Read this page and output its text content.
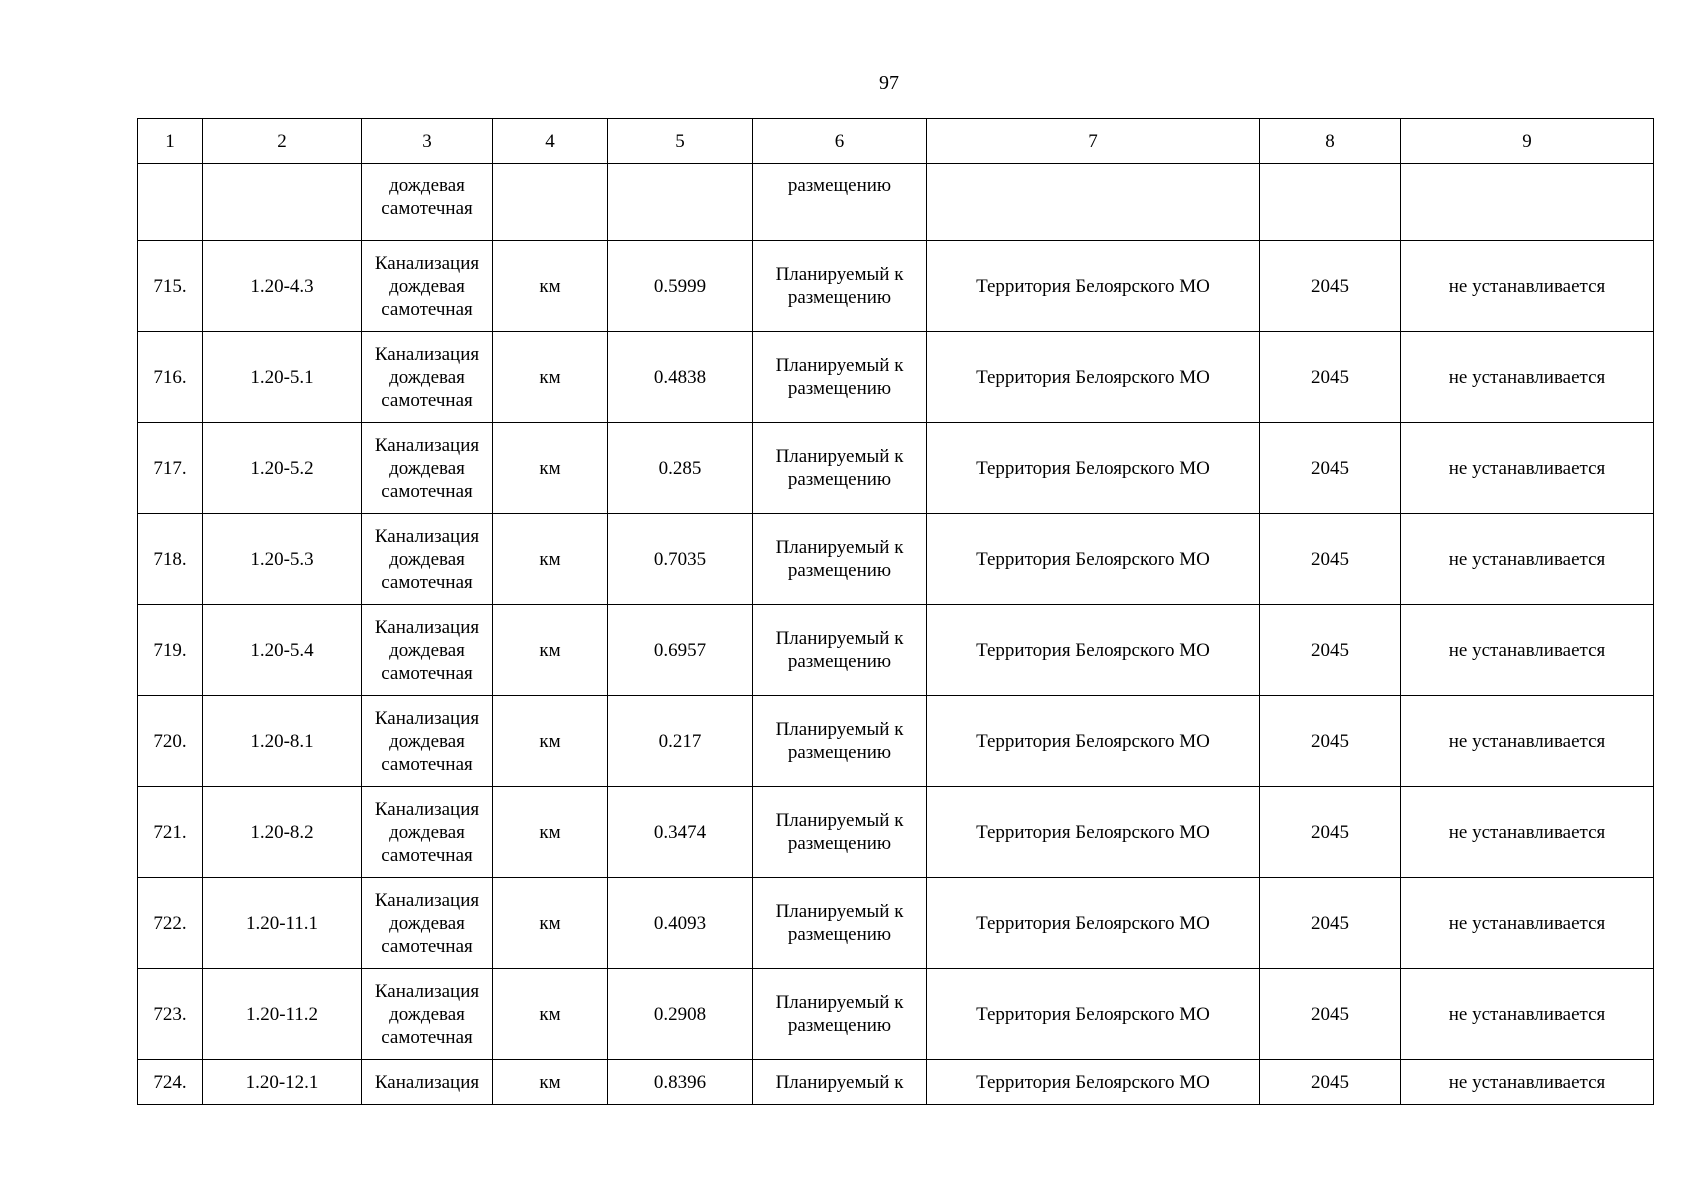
97
1	2	3	4	5	6	7	8	9
		дождевая самотечная			размещению			
715.	1.20-4.3	Канализация дождевая самотечная	км	0.5999	Планируемый к размещению	Территория Белоярского МО	2045	не устанавливается
716.	1.20-5.1	Канализация дождевая самотечная	км	0.4838	Планируемый к размещению	Территория Белоярского МО	2045	не устанавливается
717.	1.20-5.2	Канализация дождевая самотечная	км	0.285	Планируемый к размещению	Территория Белоярского МО	2045	не устанавливается
718.	1.20-5.3	Канализация дождевая самотечная	км	0.7035	Планируемый к размещению	Территория Белоярского МО	2045	не устанавливается
719.	1.20-5.4	Канализация дождевая самотечная	км	0.6957	Планируемый к размещению	Территория Белоярского МО	2045	не устанавливается
720.	1.20-8.1	Канализация дождевая самотечная	км	0.217	Планируемый к размещению	Территория Белоярского МО	2045	не устанавливается
721.	1.20-8.2	Канализация дождевая самотечная	км	0.3474	Планируемый к размещению	Территория Белоярского МО	2045	не устанавливается
722.	1.20-11.1	Канализация дождевая самотечная	км	0.4093	Планируемый к размещению	Территория Белоярского МО	2045	не устанавливается
723.	1.20-11.2	Канализация дождевая самотечная	км	0.2908	Планируемый к размещению	Территория Белоярского МО	2045	не устанавливается
724.	1.20-12.1	Канализация	км	0.8396	Планируемый к	Территория Белоярского МО	2045	не устанавливается
